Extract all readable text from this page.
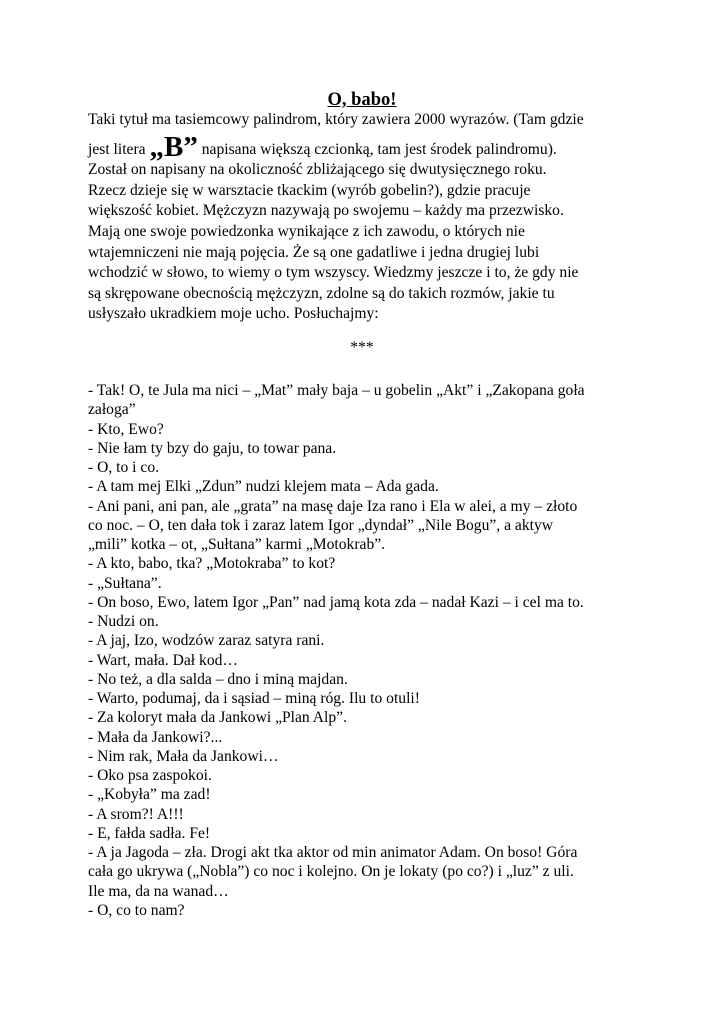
O, babo!

Taki tytuł ma tasiemcowy palindrom, który zawiera 2000 wyrazów. (Tam gdzie

jest litera „B” napisana większą czcionką, tam jest środek palindromu).

Został on napisany na okoliczność zbliżającego się dwutysięcznego roku.

Rzecz dzieje się w warsztacie tkackim (wyrób gobelin?), gdzie pracuje

większość kobiet. Mężczyzn nazywają po swojemu – każdy ma przezwisko.

Mają one swoje powiedzonka wynikające z ich zawodu, o których nie

wtajemniczeni nie mają pojęcia. Że są one gadatliwe i jedna drugiej lubi

wchodzić w słowo, to wiemy o tym wszyscy. Wiedzmy jeszcze i to, że gdy nie

są skrępowane obecnością mężczyzn, zdolne są do takich rozmów, jakie tu

usłyszało ukradkiem moje ucho. Posłuchajmy:

***

- Tak! O, te Jula ma nici – „Mat” mały baja – u gobelin „Akt” i „Zakopana goła

załoga”

- Kto, Ewo?

- Nie łam ty bzy do gaju, to towar pana.

- O, to i co.

- A tam mej Elki „Zdun” nudzi klejem mata – Ada gada.

- Ani pani, ani pan, ale „grata” na masę daje Iza rano i Ela w alei, a my – złoto

co noc. – O, ten dała tok i zaraz latem Igor „dyndał” „Nile Bogu”, a aktyw

„mili” kotka – ot, „Sułtana” karmi „Motokrab”.

- A kto, babo, tka? „Motokraba” to kot?

- „Sułtana”.

- On boso, Ewo, latem Igor „Pan” nad jamą kota zda – nadał Kazi – i cel ma to.

- Nudzi on.

- A jaj, Izo, wodzów zaraz satyra rani.

- Wart, mała. Dał kod…

- No też, a dla salda – dno i miną majdan.

- Warto, podumaj, da i sąsiad – miną róg. Ilu to otuli!

- Za koloryt mała da Jankowi „Plan Alp”.

- Mała da Jankowi?...

- Nim rak, Mała da Jankowi…

- Oko psa zaspokoi.

- „Kobyła” ma zad!

- A srom?! A!!!

- E, fałda sadła. Fe!

- A ja Jagoda – zła. Drogi akt tka aktor od min animator Adam. On boso! Góra

cała go ukrywa („Nobla”) co noc i kolejno. On je lokaty (po co?) i „luz” z uli.

Ile ma, da na wanad…

- O, co to nam?
